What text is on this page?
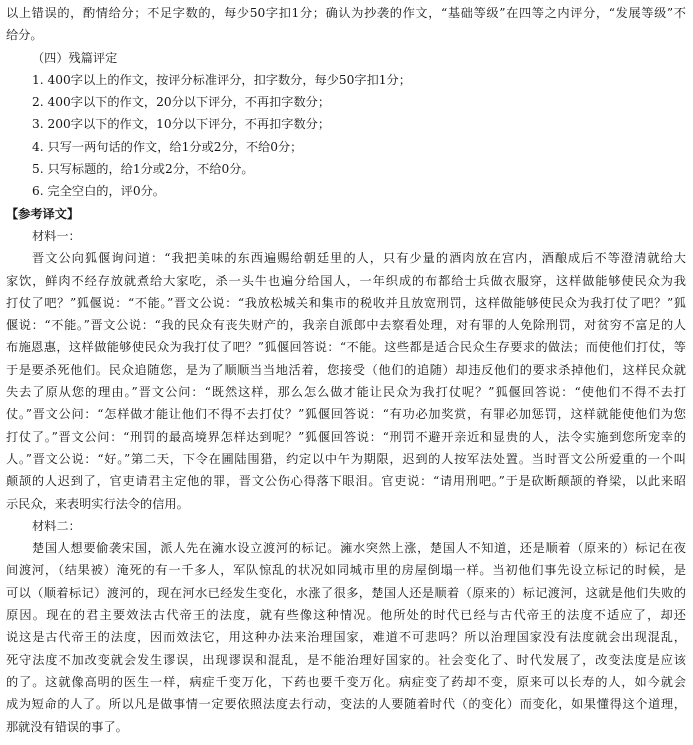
以上错误的，酌情给分；不足字数的，每少50字扣1分；确认为抄袭的作文，“基础等级”在四等之内评分，“发展等级”不
给分。
（四）残篇评定
1. 400字以上的作文，按评分标准评分，扣字数分，每少50字扣1分；
2. 400字以下的作文，20分以下评分，不再扣字数分；
3. 200字以下的作文，10分以下评分，不再扣字数分；
4. 只写一两句话的作文，给1分或2分，不给0分；
5. 只写标题的，给1分或2分，不给0分。
6. 完全空白的，评0分。
【参考译文】
材料一：
晋文公向狐偃询问道：“我把美味的东西遍赐给朝廷里的人，只有少量的酒肉放在宫内，酒酿成后不等澄清就给大
家饮，鲜肉不经存放就煮给大家吃，杀一头牛也遍分给国人，一年织成的布都给士兵做衣服穿，这样做能够使民众为我
打仗了吧？”狐偃说：“不能。”晋文公说：“我放松城关和集市的税收并且放宽刑罚，这样做能够使民众为我打仗了吧？”狐
偃说：“不能。”晋文公说：“我的民众有丧失财产的，我亲自派郎中去察看处理，对有罪的人免除刑罚，对贫穷不富足的人
布施恩惠，这样做能够使民众为我打仗了吧？”狐偃回答说：“不能。这些都是适合民众生存要求的做法；而使他们打仗，等
于是要杀死他们。民众追随您，是为了顺顺当当地活着，您接受（他们的追随）却违反他们的要求杀掉他们，这样民众就
失去了原从您的理由。”晋文公问：“既然这样，那么怎么做才能让民众为我打仗呢？”狐偃回答说：“使他们不得不去打
仗。”晋文公问：“怎样做才能让他们不得不去打仗？”狐偃回答说：“有功必加奖赏，有罪必加惩罚，这样就能使他们为您
打仗了。”晋文公问：“刑罚的最高境界怎样达到呢？”狐偃回答说：“刑罚不避开亲近和显贵的人，法令实施到您所宠幸的
人。”晋文公说：“好。”第二天，下令在圃陆围猎，约定以中午为期限，迟到的人按军法处置。当时晋文公所爱重的一个叫
颠颉的人迟到了，官吏请君主定他的罪，晋文公伤心得落下眼泪。官吏说：“请用刑吧。”于是砍断颠颉的脊梁，以此来昭
示民众，来表明实行法令的信用。
材料二：
楚国人想要偷袭宋国，派人先在澭水设立渡河的标记。澭水突然上涨，楚国人不知道，还是顺着（原来的）标记在夜
间渡河，（结果被）淹死的有一千多人，军队惊乱的状况如同城市里的房屋倒塌一样。当初他们事先设立标记的时候，是
可以（顺着标记）渡河的，现在河水已经发生变化，水涨了很多，楚国人还是顺着（原来的）标记渡河，这就是他们失败的
原因。现在的君主要效法古代帝王的法度，就有些像这种情况。他所处的时代已经与古代帝王的法度不适应了，却还
说这是古代帝王的法度，因而效法它，用这种办法来治理国家，难道不可悲吗？所以治理国家没有法度就会出现混乱，
死守法度不加改变就会发生谬误，出现谬误和混乱，是不能治理好国家的。社会变化了、时代发展了，改变法度是应该
的了。这就像高明的医生一样，病症千变万化，下药也要千变万化。病症变了药却不变，原来可以长寿的人，如今就会
成为短命的人了。所以凡是做事情一定要依照法度去行动，变法的人要随着时代（的变化）而变化，如果懂得这个道理，
那就没有错误的事了。
